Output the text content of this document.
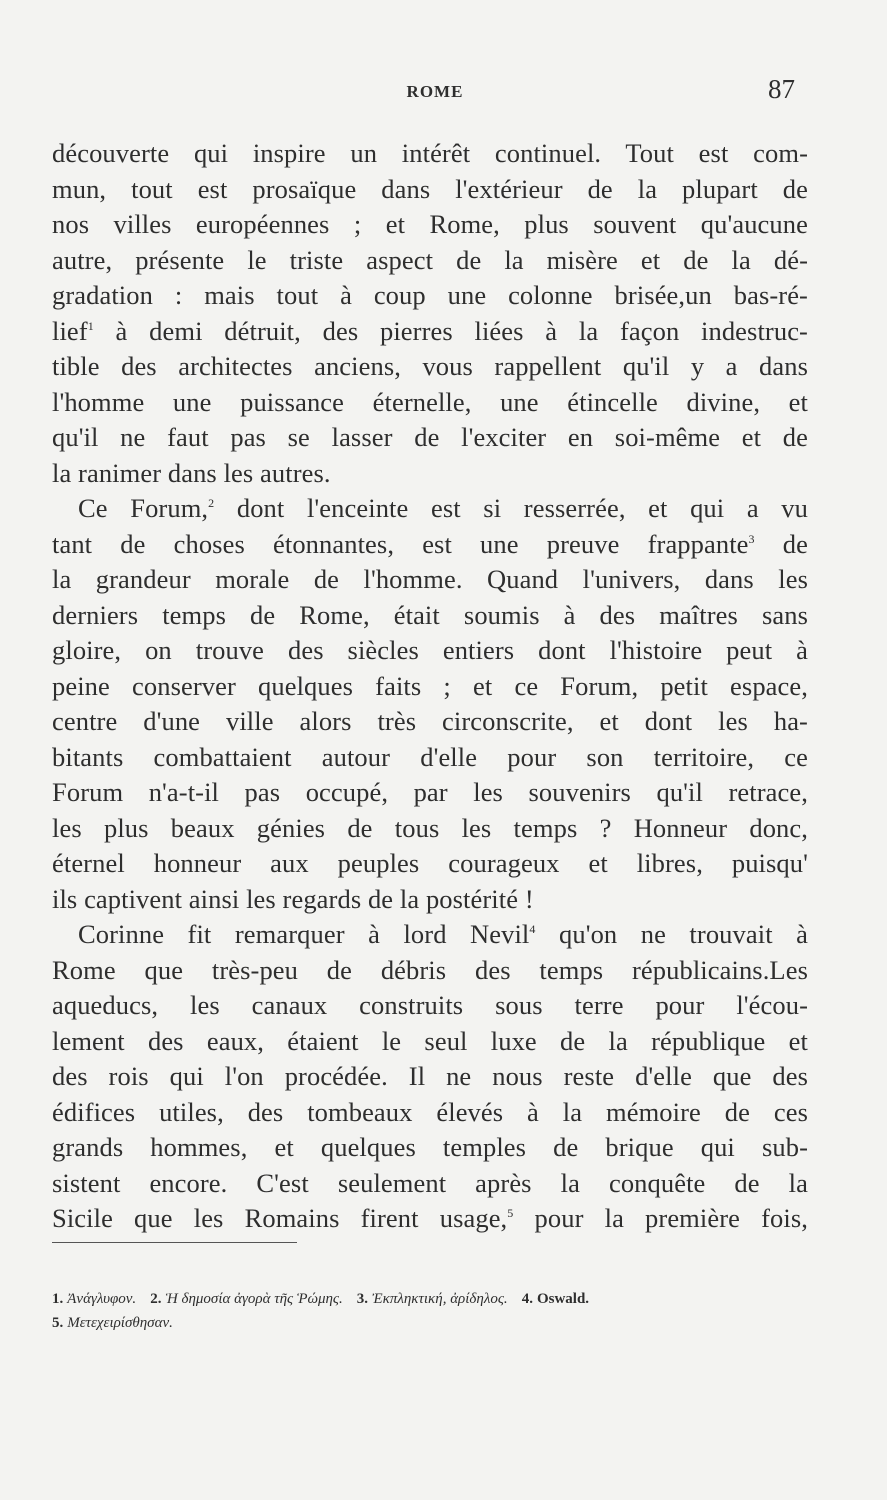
ROME	87
découverte qui inspire un intérêt continuel. Tout est com-
mun, tout est prosaïque dans l'extérieur de la plupart de
nos villes européennes ; et Rome, plus souvent qu'aucune
autre, présente le triste aspect de la misère et de la dé-
gradation : mais tout à coup une colonne brisée,un bas-ré-
lief$^1$ à demi détruit, des pierres liées à la façon indestruc-
tible des architectes anciens, vous rappellent qu'il y a dans
l'homme une puissance éternelle, une étincelle divine, et
qu'il ne faut pas se lasser de l'exciter en soi-même et de
la ranimer dans les autres.
Ce Forum,$^2$ dont l'enceinte est si resserrée, et qui a vu
tant de choses étonnantes, est une preuve frappante$^3$ de
la grandeur morale de l'homme. Quand l'univers, dans les
derniers temps de Rome, était soumis à des maîtres sans
gloire, on trouve des siècles entiers dont l'histoire peut à
peine conserver quelques faits ; et ce Forum, petit espace,
centre d'une ville alors très circonscrite, et dont les ha-
bitants combattaient autour d'elle pour son territoire, ce
Forum n'a-t-il pas occupé, par les souvenirs qu'il retrace,
les plus beaux génies de tous les temps ? Honneur donc,
éternel honneur aux peuples courageux et libres, puisqu'
ils captivent ainsi les regards de la postérité !
Corinne fit remarquer à lord Nevil$^4$ qu'on ne trouvait à
Rome que très-peu de débris des temps républicains.Les
aqueducs, les canaux construits sous terre pour l'écou-
lement des eaux, étaient le seul luxe de la république et
des rois qui l'on procédée. Il ne nous reste d'elle que des
édifices utiles, des tombeaux élevés à la mémoire de ces
grands hommes, et quelques temples de brique qui sub-
sistent encore. C'est seulement après la conquête de la
Sicile que les Romains firent usage,$^5$ pour la première fois,
1. Ἀνάγλυφον. 2. Ἡ δημοσία ἀγορὰ τῆς Ῥώμης. 3. Ἐκπληκτική, ἀρίδηλος. 4. Oswald.
5. Μετεχειρίσθησαν.
